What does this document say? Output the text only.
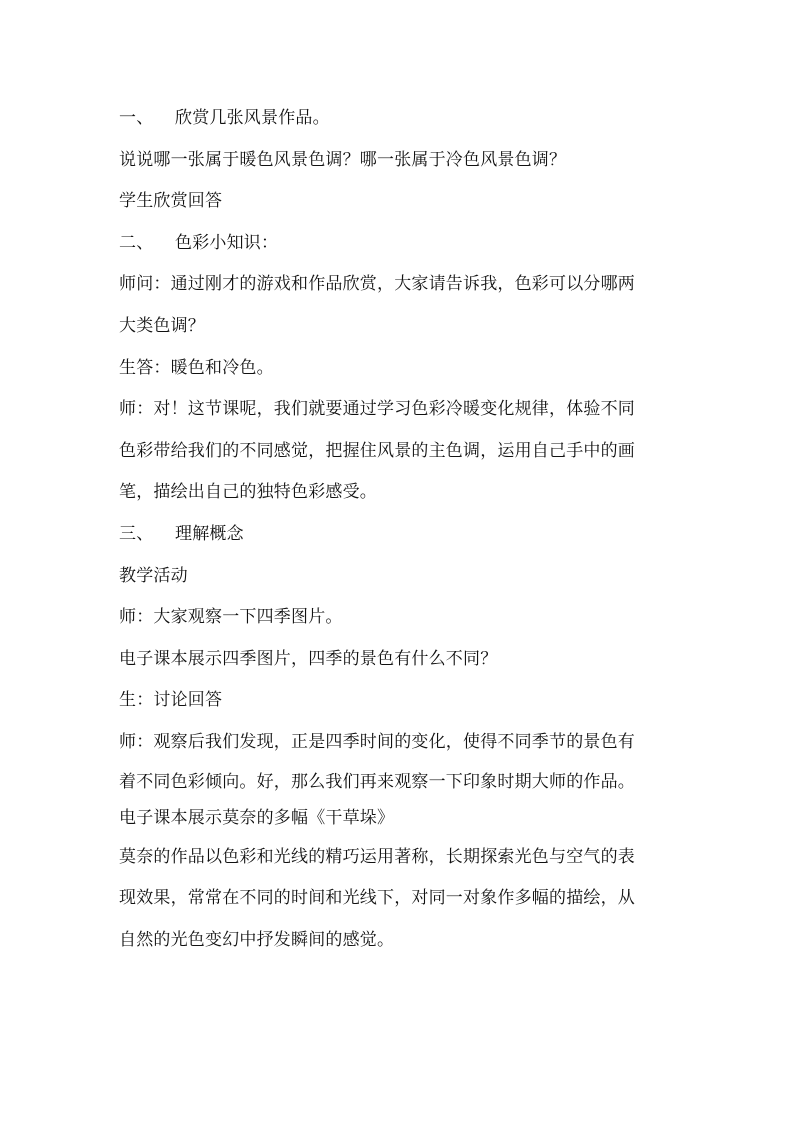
一、 欣赏几张风景作品。
说说哪一张属于暖色风景色调？哪一张属于冷色风景色调？
学生欣赏回答
二、 色彩小知识：
师问：通过刚才的游戏和作品欣赏，大家请告诉我，色彩可以分哪两
大类色调？
生答：暖色和冷色。
师：对！这节课呢，我们就要通过学习色彩冷暖变化规律，体验不同
色彩带给我们的不同感觉，把握住风景的主色调，运用自己手中的画
笔，描绘出自己的独特色彩感受。
三、 理解概念
教学活动
师：大家观察一下四季图片。
电子课本展示四季图片，四季的景色有什么不同？
生：讨论回答
师：观察后我们发现，正是四季时间的变化，使得不同季节的景色有
着不同色彩倾向。好，那么我们再来观察一下印象时期大师的作品。
电子课本展示莫奈的多幅《干草垛》
莫奈的作品以色彩和光线的精巧运用著称，长期探索光色与空气的表
现效果，常常在不同的时间和光线下，对同一对象作多幅的描绘，从
自然的光色变幻中抒发瞬间的感觉。
